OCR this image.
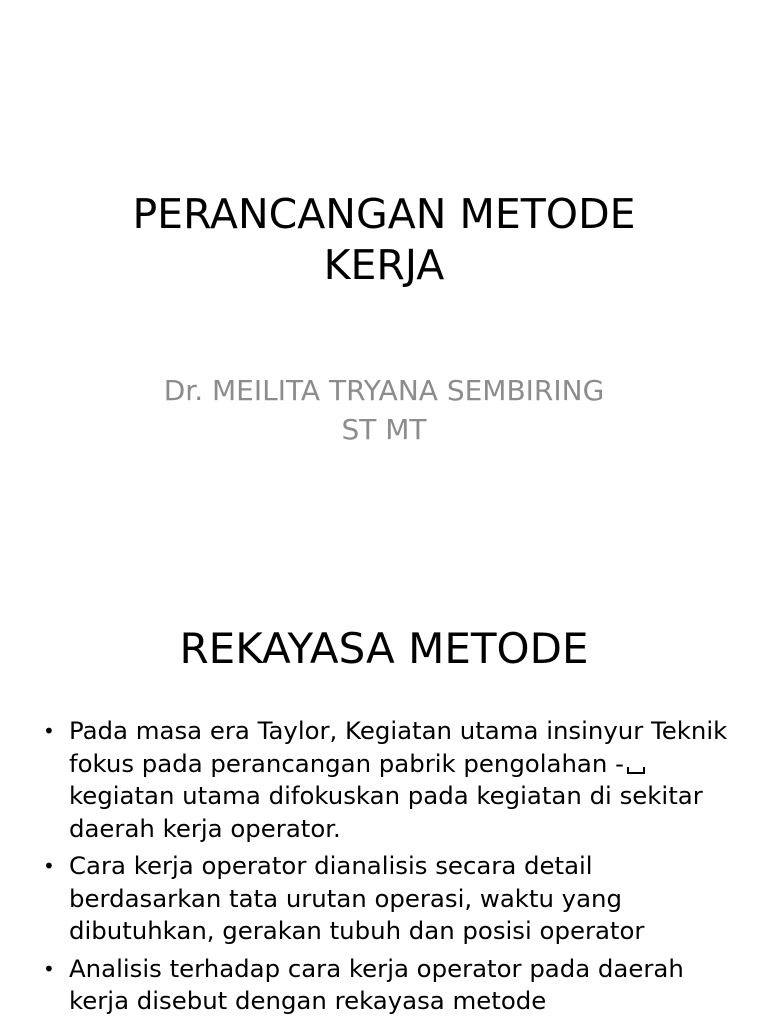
PERANCANGAN METODE
KERJA

Dr. MEILITA TRYANA SEMBIRING
ST MT

REKAYASA METODE
• Pada masa era Taylor, Kegiatan utama insinyur Teknik fokus pada perancangan pabrik pengolahan -kegiatan utama difokuskan pada kegiatan di sekitar daerah kerja operator.
• Cara kerja operator dianalisis secara detail berdasarkan tata urutan operasi, waktu yang dibutuhkan, gerakan tubuh dan posisi operator
• Analisis terhadap cara kerja operator pada daerah kerja disebut dengan rekayasa metode
